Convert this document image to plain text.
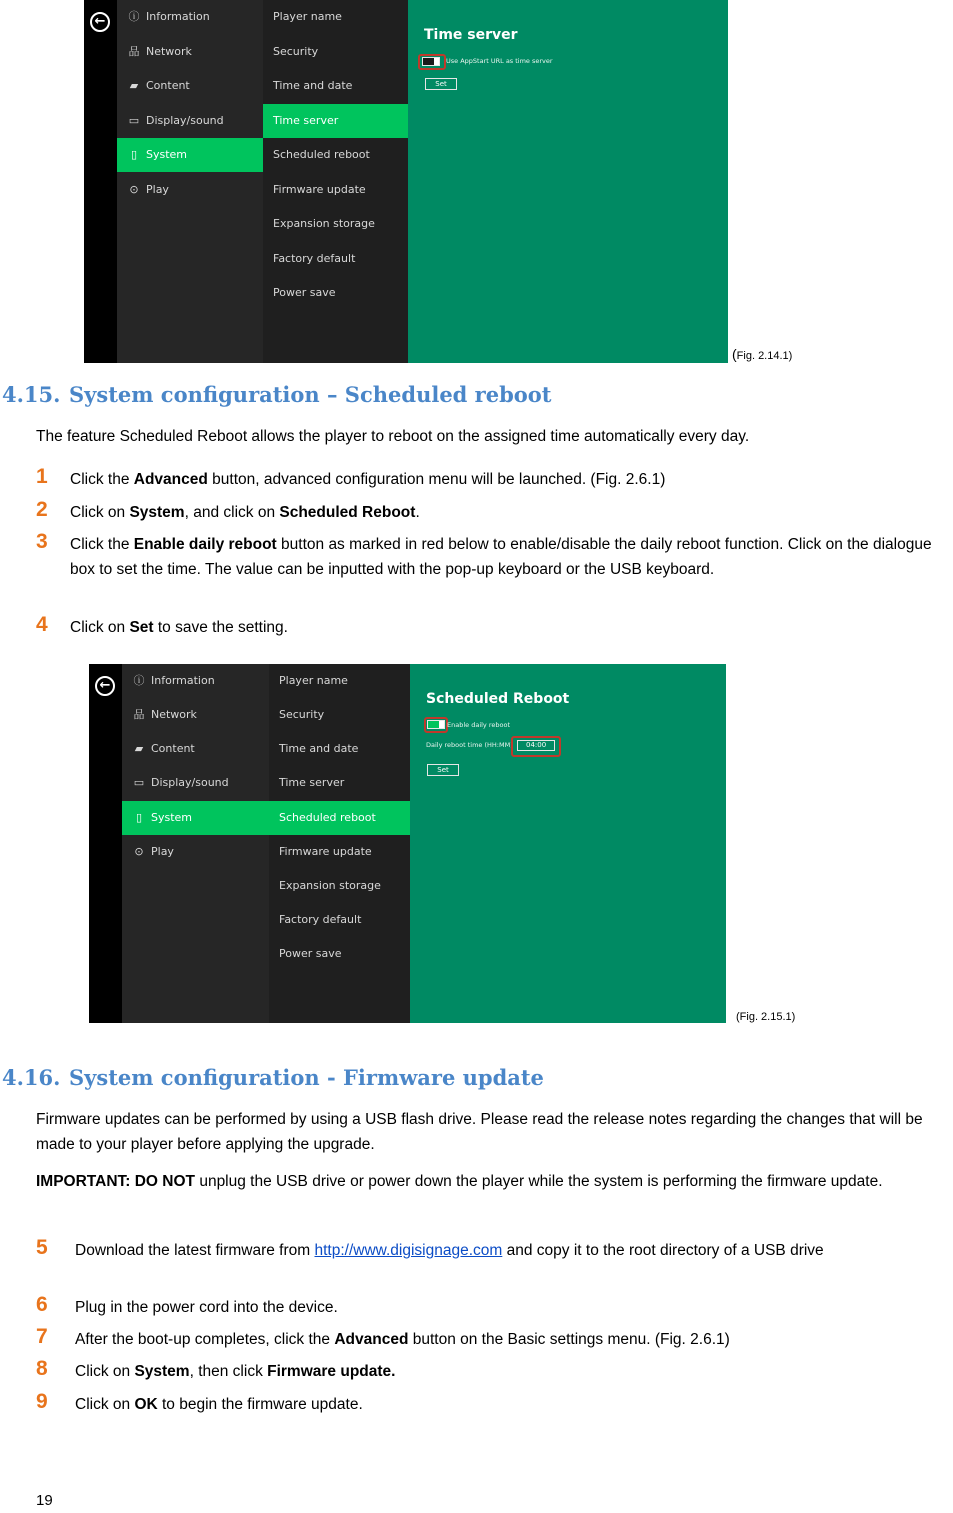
←	ⓘ Information
品 Network
▰ Content
▭ Display/sound
▯ System
⊙ Play
Player name
Security
Time and date
Time server
Scheduled reboot
Firmware update
Expansion storage
Factory default
Power save
Time server
Use AppStart URL as time server
Set
(Fig. 2.14.1)
4.15. System configuration – Scheduled reboot
The feature Scheduled Reboot allows the player to reboot on the assigned time automatically every day.
1 Click the Advanced button, advanced configuration menu will be launched. (Fig. 2.6.1)
2 Click on System, and click on Scheduled Reboot.
3 Click the Enable daily reboot button as marked in red below to enable/disable the daily reboot function. Click on the dialogue box to set the time. The value can be inputted with the pop-up keyboard or the USB keyboard.
4 Click on Set to save the setting.
←	ⓘ Information
品 Network
▰ Content
▭ Display/sound
▯ System
⊙ Play
Player name
Security
Time and date
Time server
Scheduled reboot
Firmware update
Expansion storage
Factory default
Power save
Scheduled Reboot
Enable daily reboot
Daily reboot time (HH:MM)	04:00
Set
(Fig. 2.15.1)
4.16. System configuration - Firmware update
Firmware updates can be performed by using a USB flash drive. Please read the release notes regarding the changes that will be made to your player before applying the upgrade.
IMPORTANT: DO NOT unplug the USB drive or power down the player while the system is performing the firmware update.
5	Download the latest firmware from http://www.digisignage.com and copy it to the root directory of a USB drive
6	Plug in the power cord into the device.
7	After the boot-up completes, click the Advanced button on the Basic settings menu. (Fig. 2.6.1)
8	Click on System, then click Firmware update.
9	Click on OK to begin the firmware update.
19
